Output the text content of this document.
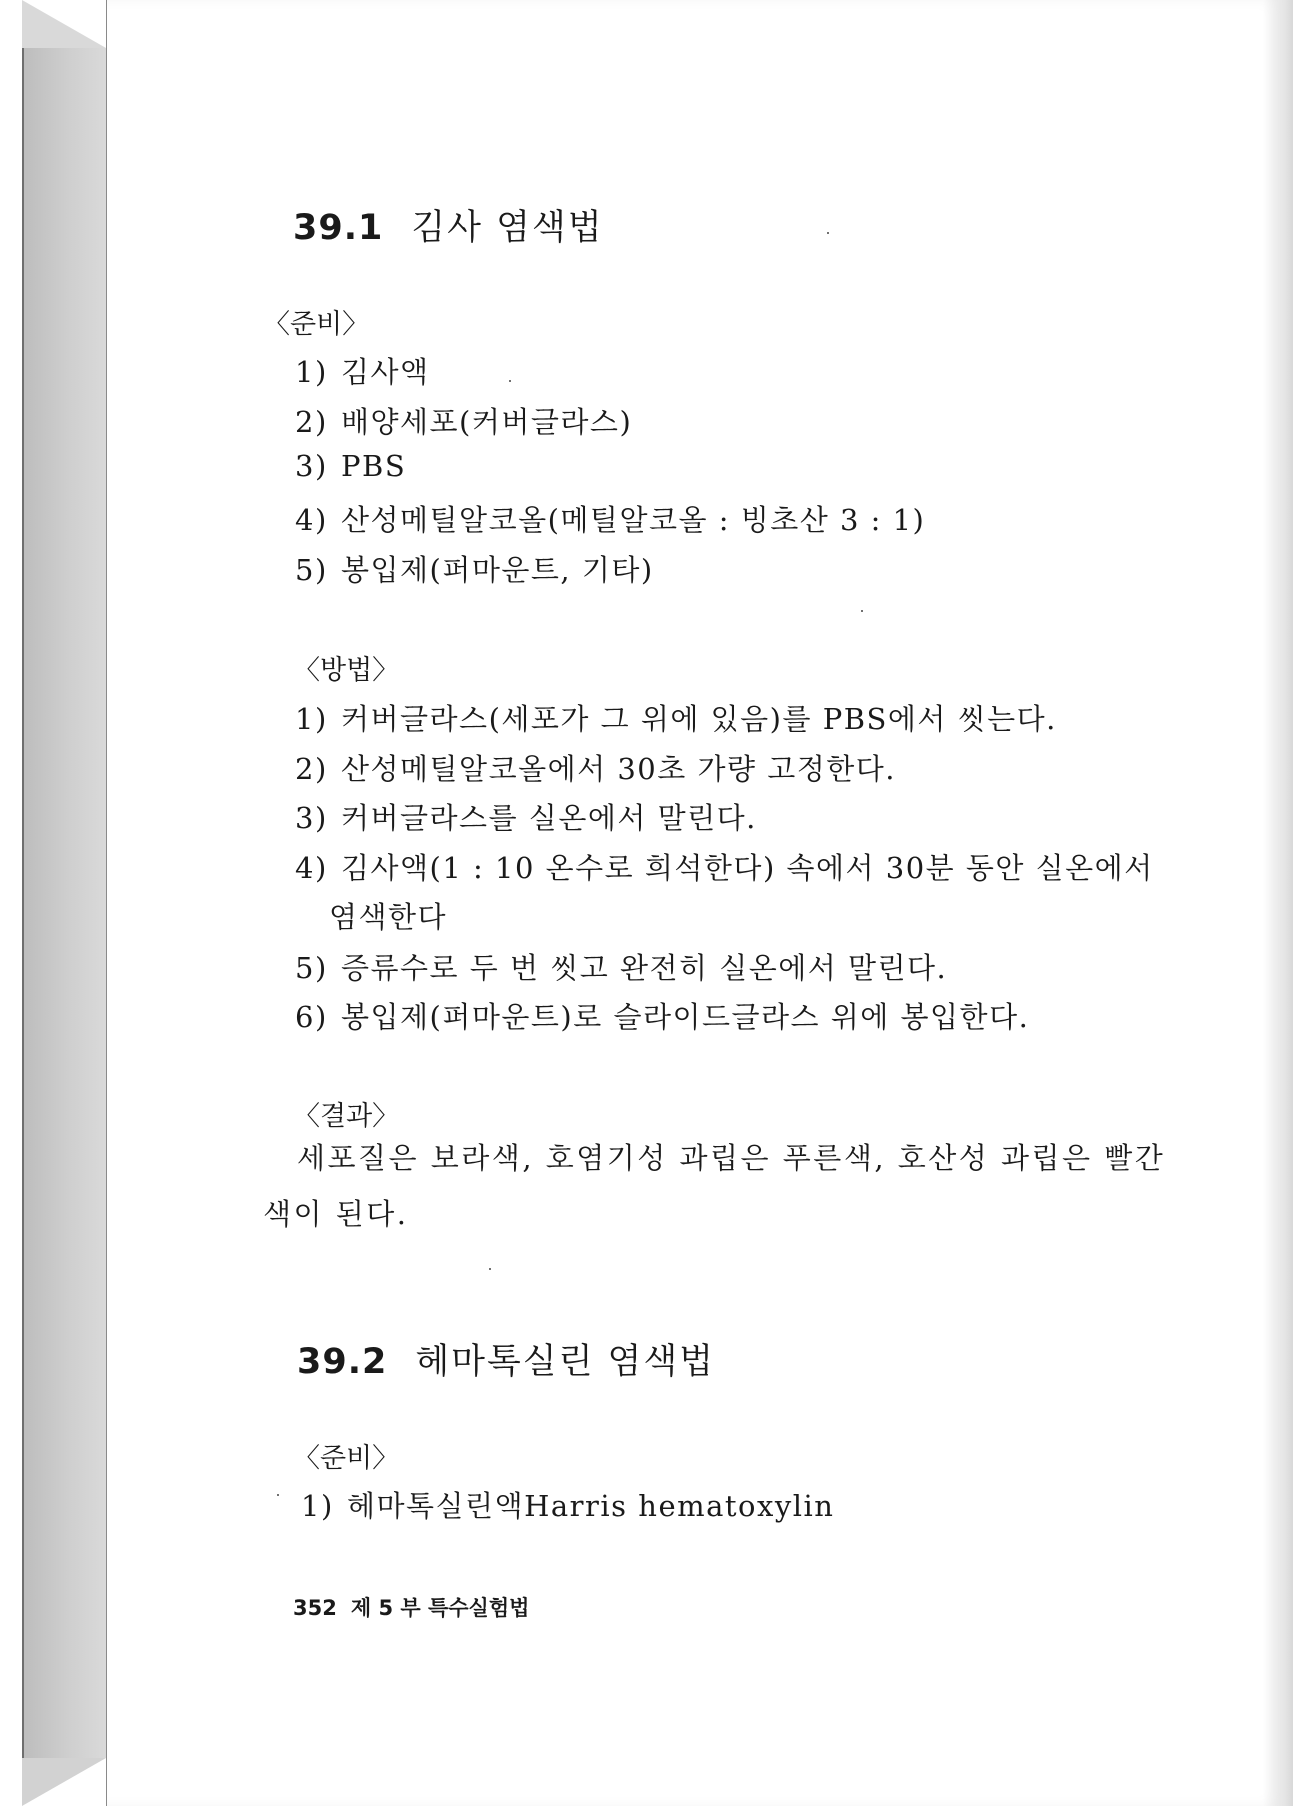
39.1 김사 염색법
〈준비〉
1) 김사액
2) 배양세포(커버글라스)
3) PBS
4) 산성메틸알코올(메틸알코올 : 빙초산 3 : 1)
5) 봉입제(퍼마운트, 기타)
〈방법〉
1) 커버글라스(세포가 그 위에 있음)를 PBS에서 씻는다.
2) 산성메틸알코올에서 30초 가량 고정한다.
3) 커버글라스를 실온에서 말린다.
4) 김사액(1 : 10 온수로 희석한다) 속에서 30분 동안 실온에서
염색한다
5) 증류수로 두 번 씻고 완전히 실온에서 말린다.
6) 봉입제(퍼마운트)로 슬라이드글라스 위에 봉입한다.
〈결과〉
세포질은 보라색, 호염기성 과립은 푸른색, 호산성 과립은 빨간색이 된다.
39.2 헤마톡실린 염색법
〈준비〉
1) 헤마톡실린액Harris hematoxylin
352 제 5 부 특수실험법
